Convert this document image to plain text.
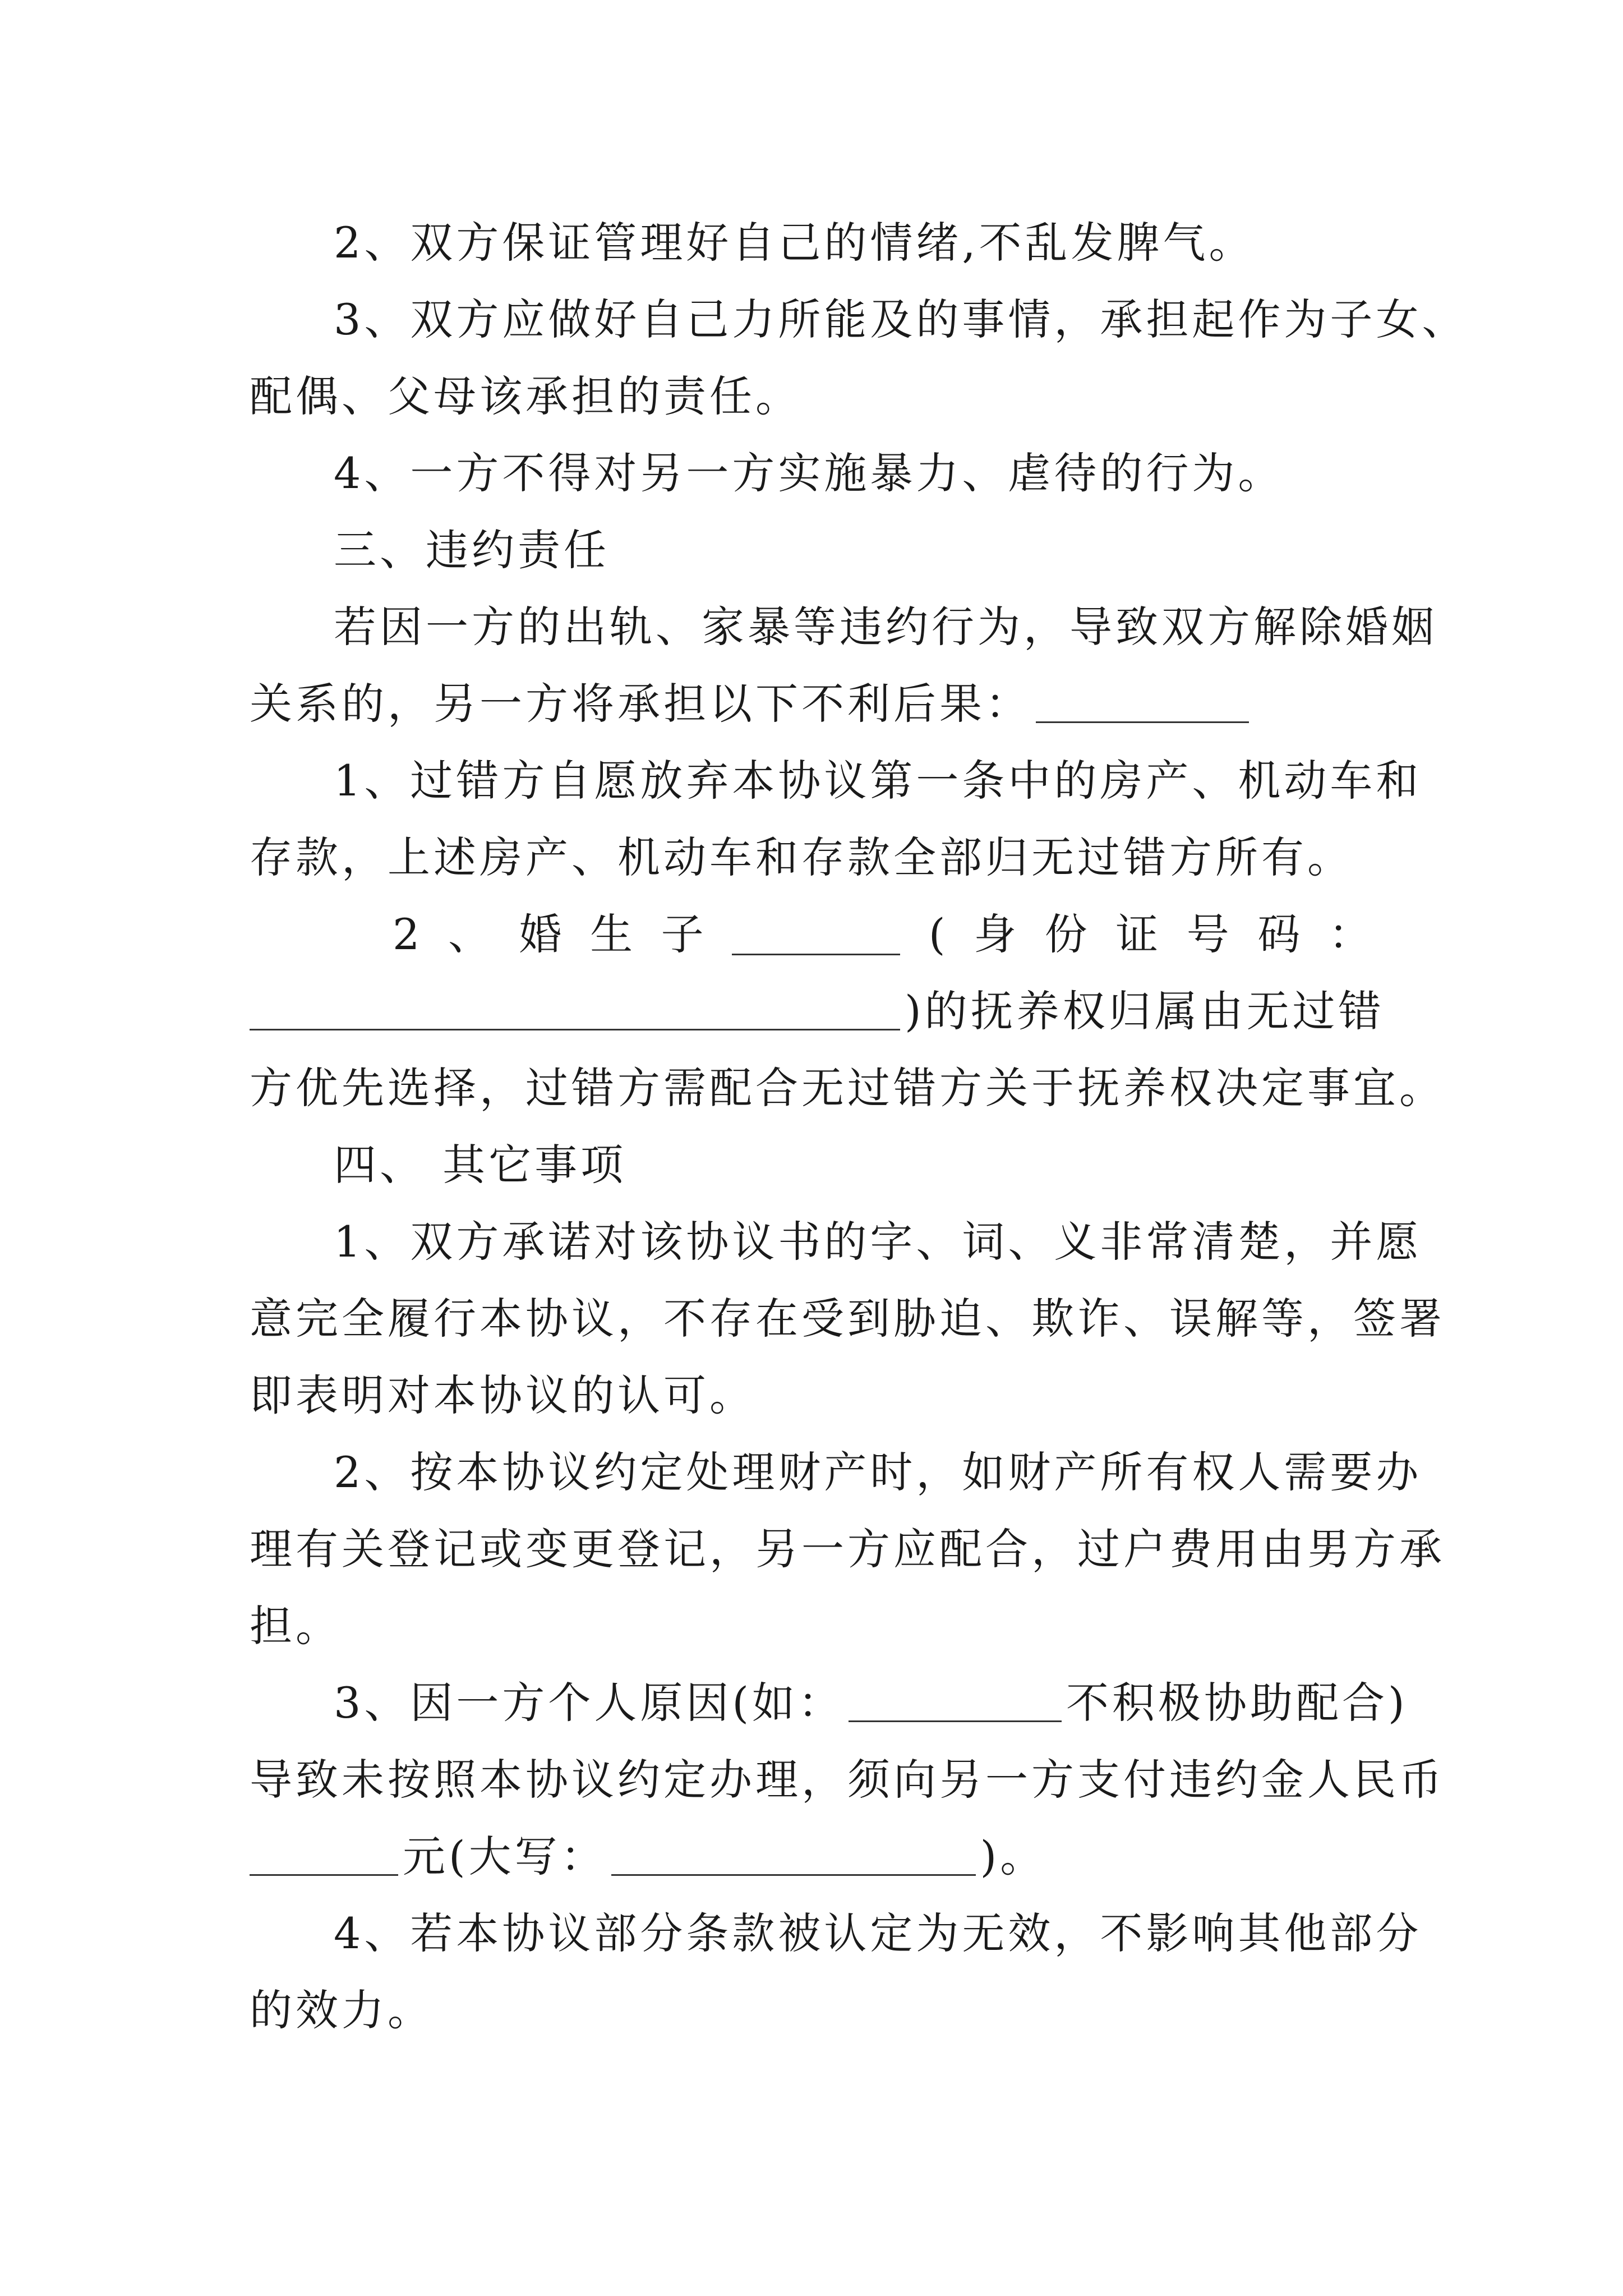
2、双方保证管理好自己的情绪,不乱发脾气。
3、双方应做好自己力所能及的事情，承担起作为子女、
配偶、父母该承担的责任。
4、一方不得对另一方实施暴力、虐待的行为。
三、违约责任
若因一方的出轨、家暴等违约行为，导致双方解除婚姻
关系的，另一方将承担以下不利后果：
1、过错方自愿放弃本协议第一条中的房产、机动车和
存款，上述房产、机动车和存款全部归无过错方所有。
2 、 婚 生 子	( 身 份 证 号 码 ：
)的抚养权归属由无过错
方优先选择，过错方需配合无过错方关于抚养权决定事宜。
四、 其它事项
1、双方承诺对该协议书的字、词、义非常清楚，并愿
意完全履行本协议，不存在受到胁迫、欺诈、误解等，签署
即表明对本协议的认可。
2、按本协议约定处理财产时，如财产所有权人需要办
理有关登记或变更登记，另一方应配合，过户费用由男方承
担。
3、因一方个人原因(如：	不积极协助配合)
导致未按照本协议约定办理，须向另一方支付违约金人民币
元(大写：	)。
4、若本协议部分条款被认定为无效，不影响其他部分
的效力。
